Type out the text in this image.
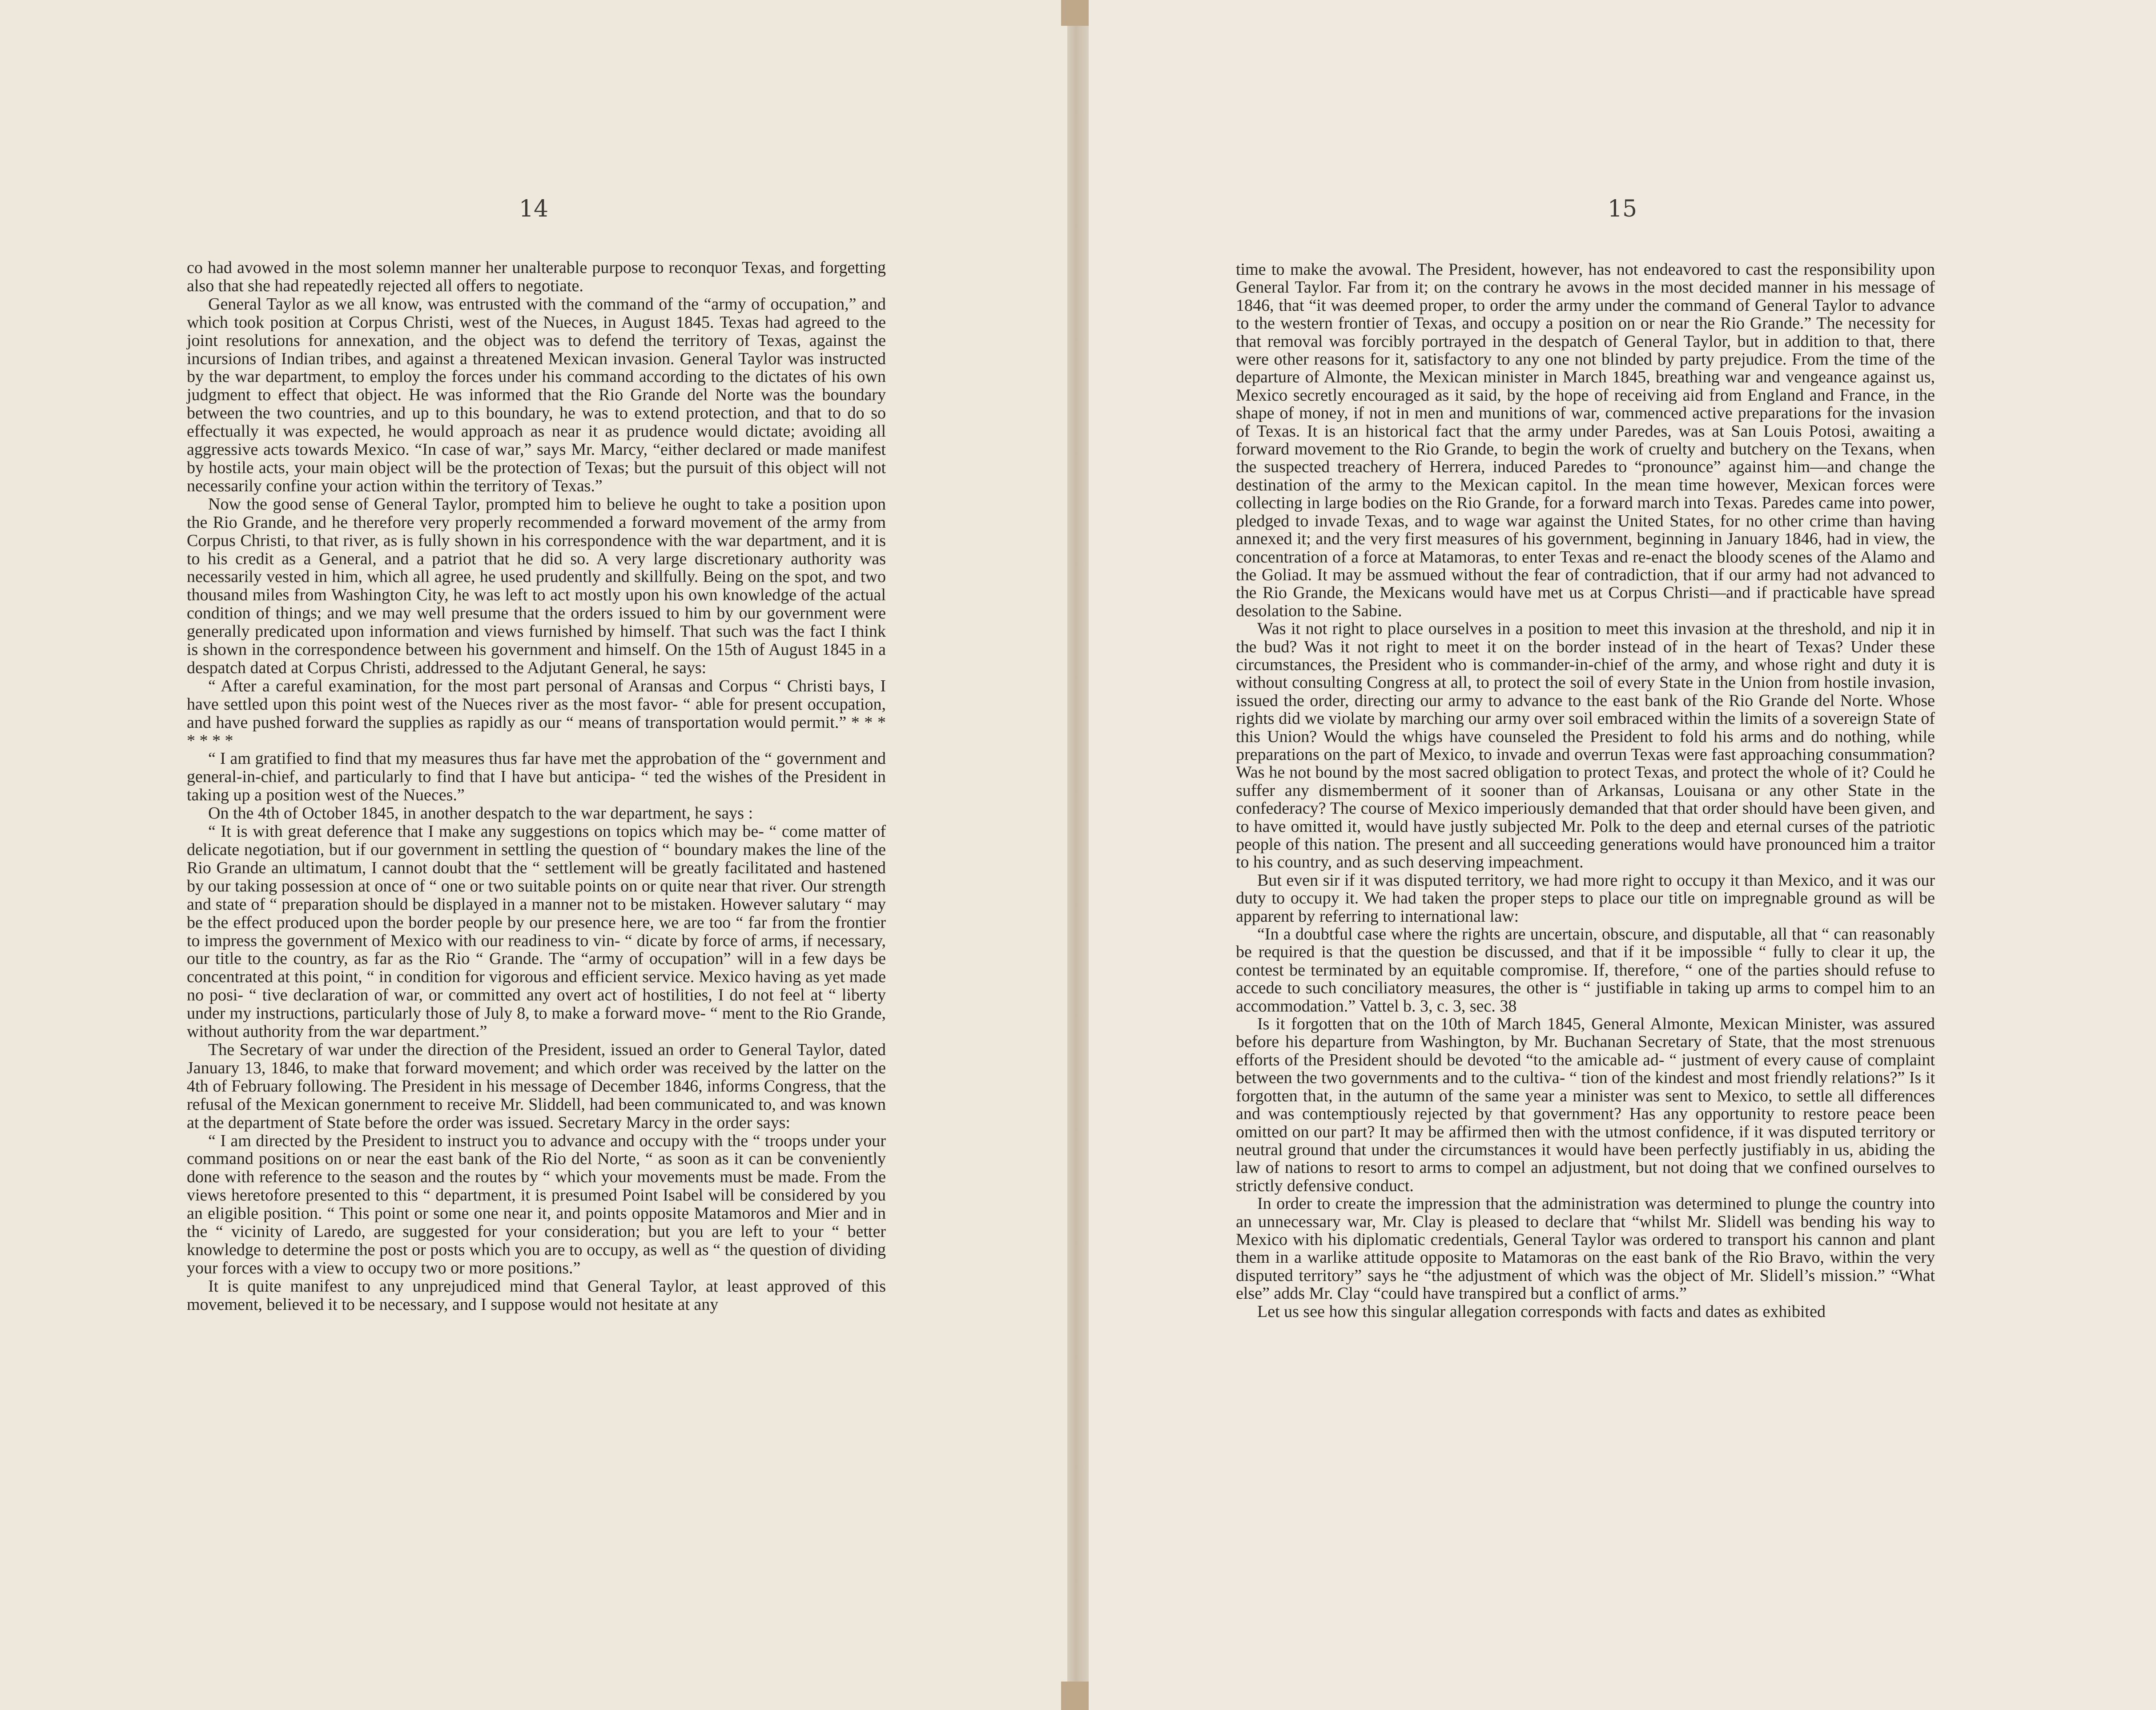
14

co had avowed in the most solemn manner her unalterable purpose to reconquor Texas, and forgetting also that she had repeatedly rejected all offers to negotiate.

General Taylor as we all know, was entrusted with the command of the “army of occupation,” and which took position at Corpus Christi, west of the Nueces, in August 1845. Texas had agreed to the joint resolutions for annexation, and the object was to defend the territory of Texas, against the incursions of Indian tribes, and against a threatened Mexican invasion. General Taylor was instructed by the war department, to employ the forces under his command according to the dictates of his own judgment to effect that object. He was informed that the Rio Grande del Norte was the boundary between the two countries, and up to this boundary, he was to extend protection, and that to do so effectually it was expected, he would approach as near it as prudence would dictate; avoiding all aggressive acts towards Mexico. “In case of war,” says Mr. Marcy, “either declared or made manifest by hostile acts, your main object will be the protection of Texas; but the pursuit of this object will not necessarily confine your action within the territory of Texas.”

Now the good sense of General Taylor, prompted him to believe he ought to take a position upon the Rio Grande, and he therefore very properly recommended a forward movement of the army from Corpus Christi, to that river, as is fully shown in his correspondence with the war department, and it is to his credit as a General, and a patriot that he did so. A very large discretionary authority was necessarily vested in him, which all agree, he used prudently and skillfully. Being on the spot, and two thousand miles from Washington City, he was left to act mostly upon his own knowledge of the actual condition of things; and we may well presume that the orders issued to him by our government were generally predicated upon information and views furnished by himself. That such was the fact I think is shown in the correspondence between his government and himself. On the 15th of August 1845 in a despatch dated at Corpus Christi, addressed to the Adjutant General, he says:

“ After a careful examination, for the most part personal of Aransas and Corpus “ Christi bays, I have settled upon this point west of the Nueces river as the most favor- “ able for present occupation, and have pushed forward the supplies as rapidly as our “ means of transportation would permit.” * * * * * * *

“ I am gratified to find that my measures thus far have met the approbation of the “ government and general-in-chief, and particularly to find that I have but anticipa- “ ted the wishes of the President in taking up a position west of the Nueces.”

On the 4th of October 1845, in another despatch to the war department, he says :

“ It is with great deference that I make any suggestions on topics which may be- “ come matter of delicate negotiation, but if our government in settling the question of “ boundary makes the line of the Rio Grande an ultimatum, I cannot doubt that the “ settlement will be greatly facilitated and hastened by our taking possession at once of “ one or two suitable points on or quite near that river. Our strength and state of “ preparation should be displayed in a manner not to be mistaken. However salutary “ may be the effect produced upon the border people by our presence here, we are too “ far from the frontier to impress the government of Mexico with our readiness to vin- “ dicate by force of arms, if necessary, our title to the country, as far as the Rio “ Grande. The “army of occupation” will in a few days be concentrated at this point, “ in condition for vigorous and efficient service. Mexico having as yet made no posi- “ tive declaration of war, or committed any overt act of hostilities, I do not feel at “ liberty under my instructions, particularly those of July 8, to make a forward move- “ ment to the Rio Grande, without authority from the war department.”

The Secretary of war under the direction of the President, issued an order to General Taylor, dated January 13, 1846, to make that forward movement; and which order was received by the latter on the 4th of February following. The President in his message of December 1846, informs Congress, that the refusal of the Mexican gonernment to receive Mr. Sliddell, had been communicated to, and was known at the department of State before the order was issued. Secretary Marcy in the order says:

“ I am directed by the President to instruct you to advance and occupy with the “ troops under your command positions on or near the east bank of the Rio del Norte, “ as soon as it can be conveniently done with reference to the season and the routes by “ which your movements must be made. From the views heretofore presented to this “ department, it is presumed Point Isabel will be considered by you an eligible position. “ This point or some one near it, and points opposite Matamoros and Mier and in the “ vicinity of Laredo, are suggested for your consideration; but you are left to your “ better knowledge to determine the post or posts which you are to occupy, as well as “ the question of dividing your forces with a view to occupy two or more positions.”

It is quite manifest to any unprejudiced mind that General Taylor, at least approved of this movement, believed it to be necessary, and I suppose would not hesitate at any

15

time to make the avowal. The President, however, has not endeavored to cast the responsibility upon General Taylor. Far from it; on the contrary he avows in the most decided manner in his message of 1846, that “it was deemed proper, to order the army under the command of General Taylor to advance to the western frontier of Texas, and occupy a position on or near the Rio Grande.” The necessity for that removal was forcibly portrayed in the despatch of General Taylor, but in addition to that, there were other reasons for it, satisfactory to any one not blinded by party prejudice. From the time of the departure of Almonte, the Mexican minister in March 1845, breathing war and vengeance against us, Mexico secretly encouraged as it said, by the hope of receiving aid from England and France, in the shape of money, if not in men and munitions of war, commenced active preparations for the invasion of Texas. It is an historical fact that the army under Paredes, was at San Louis Potosi, awaiting a forward movement to the Rio Grande, to begin the work of cruelty and butchery on the Texans, when the suspected treachery of Herrera, induced Paredes to “pronounce” against him—and change the destination of the army to the Mexican capitol. In the mean time however, Mexican forces were collecting in large bodies on the Rio Grande, for a forward march into Texas. Paredes came into power, pledged to invade Texas, and to wage war against the United States, for no other crime than having annexed it; and the very first measures of his government, beginning in January 1846, had in view, the concentration of a force at Matamoras, to enter Texas and re-enact the bloody scenes of the Alamo and the Goliad. It may be assmued without the fear of contradiction, that if our army had not advanced to the Rio Grande, the Mexicans would have met us at Corpus Christi—and if practicable have spread desolation to the Sabine.

Was it not right to place ourselves in a position to meet this invasion at the threshold, and nip it in the bud? Was it not right to meet it on the border instead of in the heart of Texas? Under these circumstances, the President who is commander-in-chief of the army, and whose right and duty it is without consulting Congress at all, to protect the soil of every State in the Union from hostile invasion, issued the order, directing our army to advance to the east bank of the Rio Grande del Norte. Whose rights did we violate by marching our army over soil embraced within the limits of a sovereign State of this Union? Would the whigs have counseled the President to fold his arms and do nothing, while preparations on the part of Mexico, to invade and overrun Texas were fast approaching consummation? Was he not bound by the most sacred obligation to protect Texas, and protect the whole of it? Could he suffer any dismemberment of it sooner than of Arkansas, Louisana or any other State in the confederacy? The course of Mexico imperiously demanded that that order should have been given, and to have omitted it, would have justly subjected Mr. Polk to the deep and eternal curses of the patriotic people of this nation. The present and all succeeding generations would have pronounced him a traitor to his country, and as such deserving impeachment.

But even sir if it was disputed territory, we had more right to occupy it than Mexico, and it was our duty to occupy it. We had taken the proper steps to place our title on impregnable ground as will be apparent by referring to international law:

“In a doubtful case where the rights are uncertain, obscure, and disputable, all that “ can reasonably be required is that the question be discussed, and that if it be impossible “ fully to clear it up, the contest be terminated by an equitable compromise. If, therefore, “ one of the parties should refuse to accede to such conciliatory measures, the other is “ justifiable in taking up arms to compel him to an accommodation.” Vattel b. 3, c. 3, sec. 38

Is it forgotten that on the 10th of March 1845, General Almonte, Mexican Minister, was assured before his departure from Washington, by Mr. Buchanan Secretary of State, that the most strenuous efforts of the President should be devoted “to the amicable ad- “ justment of every cause of complaint between the two governments and to the cultiva- “ tion of the kindest and most friendly relations?” Is it forgotten that, in the autumn of the same year a minister was sent to Mexico, to settle all differences and was contemptiously rejected by that government? Has any opportunity to restore peace been omitted on our part? It may be affirmed then with the utmost confidence, if it was disputed territory or neutral ground that under the circumstances it would have been perfectly justifiably in us, abiding the law of nations to resort to arms to compel an adjustment, but not doing that we confined ourselves to strictly defensive conduct.

In order to create the impression that the administration was determined to plunge the country into an unnecessary war, Mr. Clay is pleased to declare that “whilst Mr. Slidell was bending his way to Mexico with his diplomatic credentials, General Taylor was ordered to transport his cannon and plant them in a warlike attitude opposite to Matamoras on the east bank of the Rio Bravo, within the very disputed territory” says he “the adjustment of which was the object of Mr. Slidell’s mission.” “What else” adds Mr. Clay “could have transpired but a conflict of arms.”

Let us see how this singular allegation corresponds with facts and dates as exhibited
